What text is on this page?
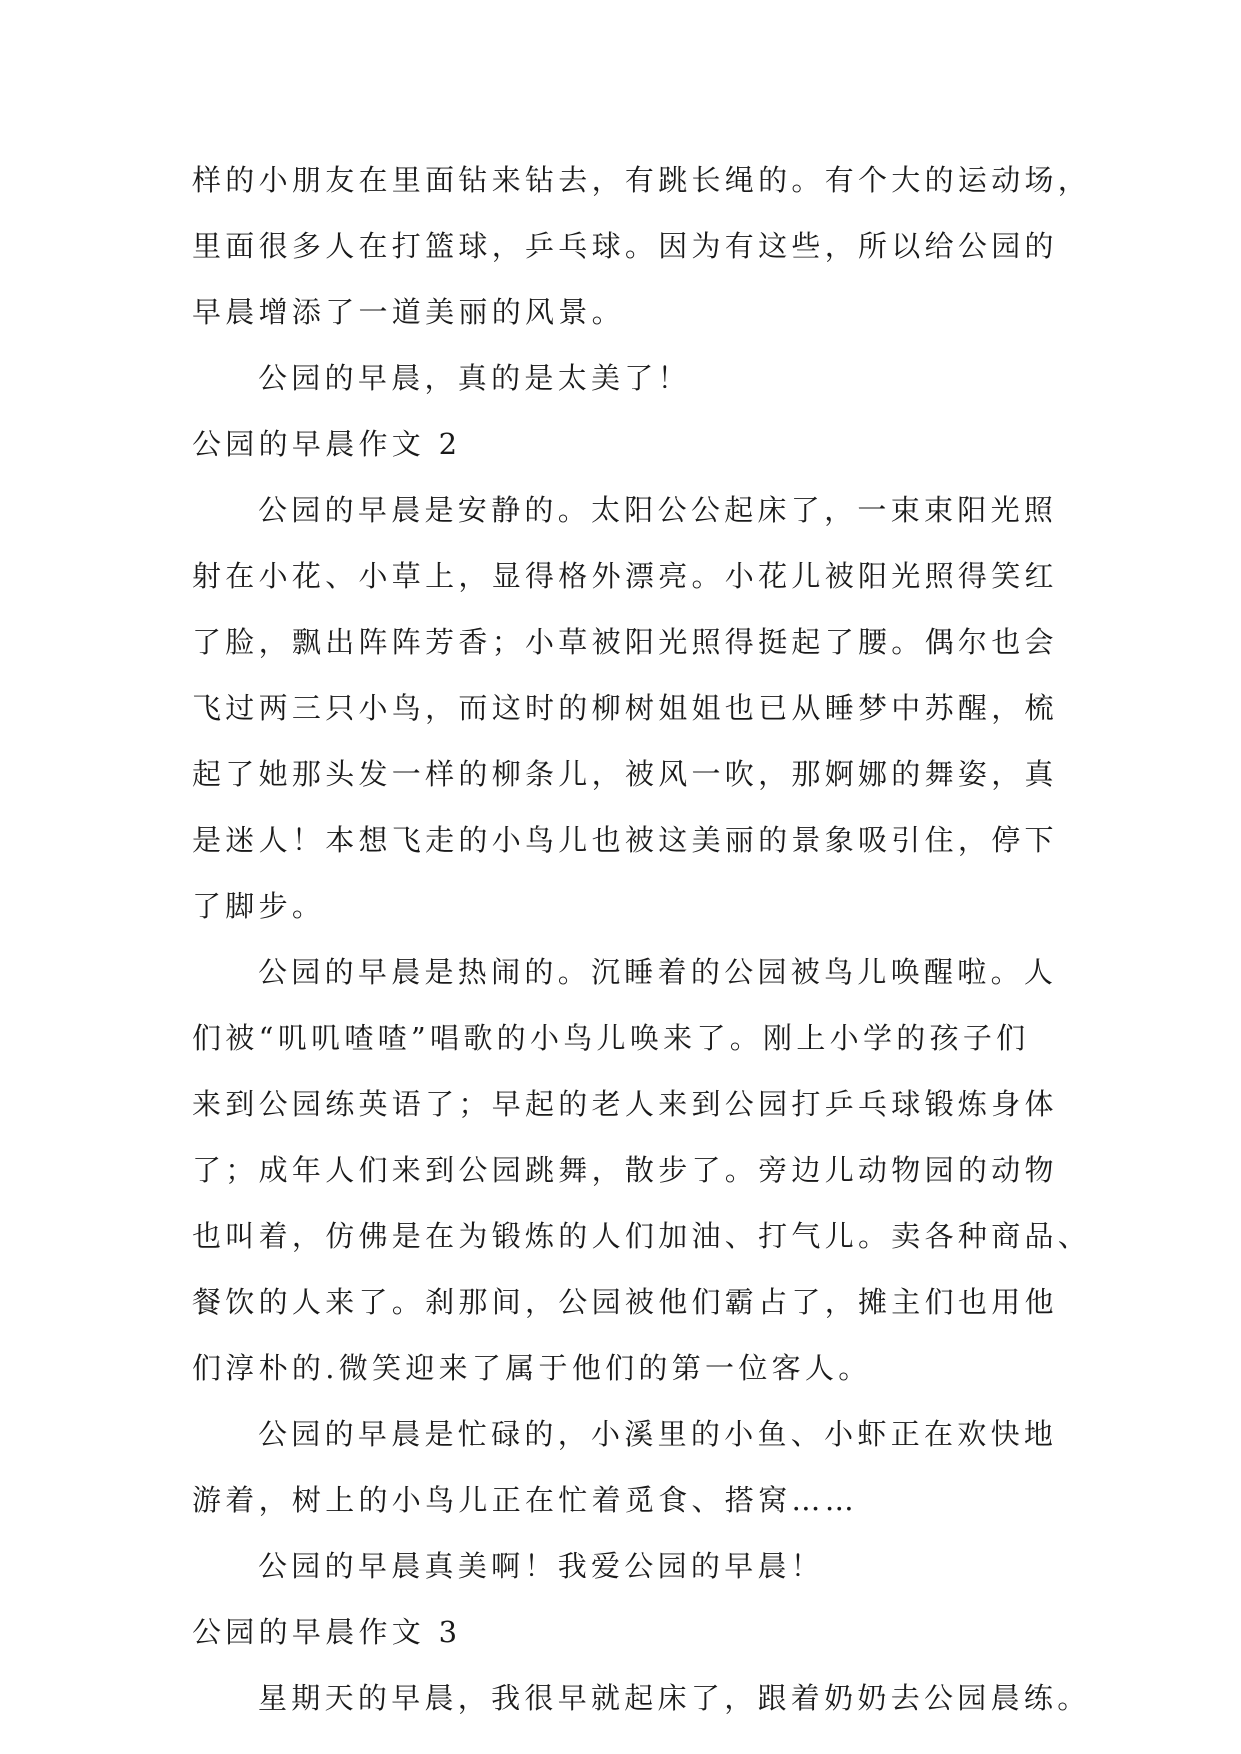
样的小朋友在里面钻来钻去，有跳长绳的。有个大的运动场，
里面很多人在打篮球，乒乓球。因为有这些，所以给公园的
早晨增添了一道美丽的风景。
公园的早晨，真的是太美了！
公园的早晨作文 2
公园的早晨是安静的。太阳公公起床了，一束束阳光照
射在小花、小草上，显得格外漂亮。小花儿被阳光照得笑红
了脸，飘出阵阵芳香；小草被阳光照得挺起了腰。偶尔也会
飞过两三只小鸟，而这时的柳树姐姐也已从睡梦中苏醒，梳
起了她那头发一样的柳条儿，被风一吹，那婀娜的舞姿，真
是迷人！本想飞走的小鸟儿也被这美丽的景象吸引住，停下
了脚步。
公园的早晨是热闹的。沉睡着的公园被鸟儿唤醒啦。人
们被“叽叽喳喳”唱歌的小鸟儿唤来了。刚上小学的孩子们
来到公园练英语了；早起的老人来到公园打乒乓球锻炼身体
了；成年人们来到公园跳舞，散步了。旁边儿动物园的动物
也叫着，仿佛是在为锻炼的人们加油、打气儿。卖各种商品、
餐饮的人来了。刹那间，公园被他们霸占了，摊主们也用他
们淳朴的.微笑迎来了属于他们的第一位客人。
公园的早晨是忙碌的，小溪里的小鱼、小虾正在欢快地
游着，树上的小鸟儿正在忙着觅食、搭窝……
公园的早晨真美啊！我爱公园的早晨！
公园的早晨作文 3
星期天的早晨，我很早就起床了，跟着奶奶去公园晨练。
